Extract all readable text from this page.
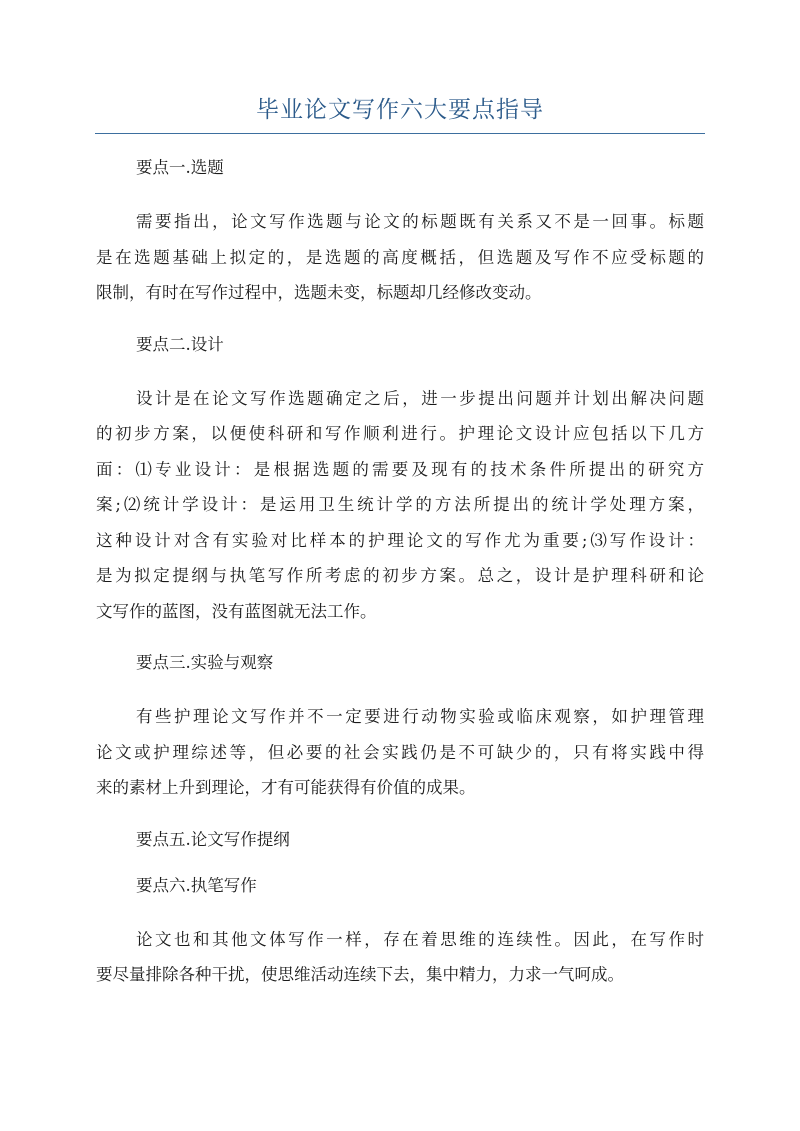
毕业论文写作六大要点指导
要点一.选题
需要指出，论文写作选题与论文的标题既有关系又不是一回事。标题
是在选题基础上拟定的，是选题的高度概括，但选题及写作不应受标题的
限制，有时在写作过程中，选题未变，标题却几经修改变动。
要点二.设计
设计是在论文写作选题确定之后，进一步提出问题并计划出解决问题
的初步方案，以便使科研和写作顺利进行。护理论文设计应包括以下几方
面：⑴专业设计：是根据选题的需要及现有的技术条件所提出的研究方
案;⑵统计学设计：是运用卫生统计学的方法所提出的统计学处理方案，
这种设计对含有实验对比样本的护理论文的写作尤为重要;⑶写作设计：
是为拟定提纲与执笔写作所考虑的初步方案。总之，设计是护理科研和论
文写作的蓝图，没有蓝图就无法工作。
要点三.实验与观察
有些护理论文写作并不一定要进行动物实验或临床观察，如护理管理
论文或护理综述等，但必要的社会实践仍是不可缺少的，只有将实践中得
来的素材上升到理论，才有可能获得有价值的成果。
要点五.论文写作提纲
要点六.执笔写作
论文也和其他文体写作一样，存在着思维的连续性。因此，在写作时
要尽量排除各种干扰，使思维活动连续下去，集中精力，力求一气呵成。
